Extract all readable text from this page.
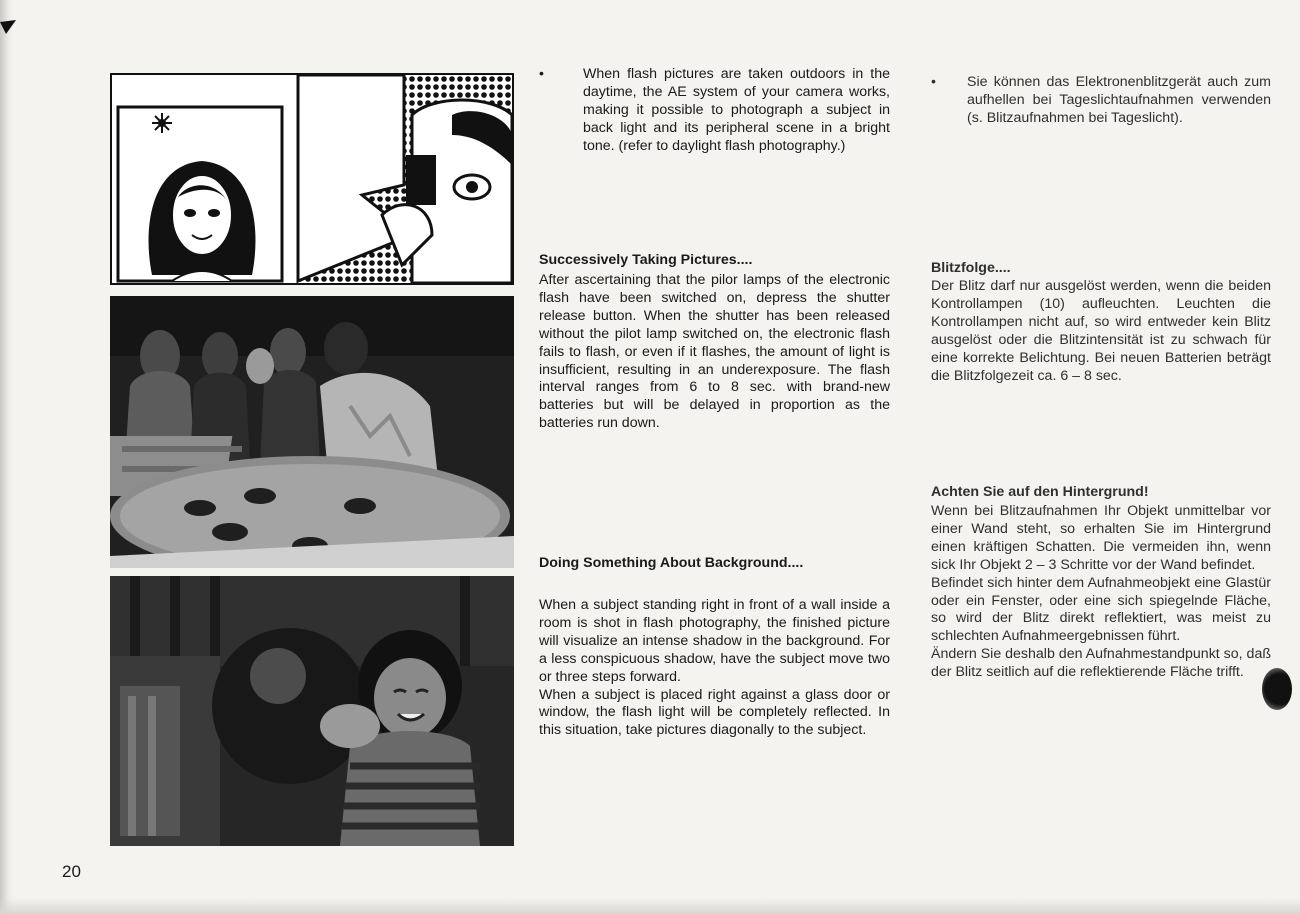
•	When flash pictures are taken outdoors in the daytime, the AE system of your camera works, making it possible to photograph a subject in back light and its peripheral scene in a bright tone. (refer to daylight flash photography.)

Successively Taking Pictures....

After ascertaining that the pilor lamps of the electronic flash have been switched on, depress the shutter release button. When the shutter has been released without the pilot lamp switched on, the electronic flash fails to flash, or even if it flashes, the amount of light is insufficient, resulting in an underexposure. The flash interval ranges from 6 to 8 sec. with brand-new batteries but will be delayed in proportion as the batteries run down.

Doing Something About Background....

When a subject standing right in front of a wall inside a room is shot in flash photography, the finished picture will visualize an intense shadow in the background. For a less conspicuous shadow, have the subject move two or three steps forward.

When a subject is placed right against a glass door or window, the flash light will be completely reflected. In this situation, take pictures diagonally to the subject.

• Sie können das Elektronenblitzgerät auch zum aufhellen bei Tageslichtaufnahmen verwenden (s. Blitzaufnahmen bei Tageslicht).

Blitzfolge....

Der Blitz darf nur ausgelöst werden, wenn die beiden Kontrollampen (10) aufleuchten. Leuchten die Kontrollampen nicht auf, so wird entweder kein Blitz ausgelöst oder die Blitzintensität ist zu schwach für eine korrekte Belichtung. Bei neuen Batterien beträgt die Blitzfolgezeit ca. 6 – 8 sec.

Achten Sie auf den Hintergrund!

Wenn bei Blitzaufnahmen Ihr Objekt unmittelbar vor einer Wand steht, so erhalten Sie im Hintergrund einen kräftigen Schatten. Die vermeiden ihn, wenn sick Ihr Objekt 2 – 3 Schritte vor der Wand befindet.

Befindet sich hinter dem Aufnahmeobjekt eine Glastür oder ein Fenster, oder eine sich spiegelnde Fläche, so wird der Blitz direkt reflektiert, was meist zu schlechten Aufnahmeergebnissen führt.

Ändern Sie deshalb den Aufnahmestandpunkt so, daß der Blitz seitlich auf die reflektierende Fläche trifft.

20
